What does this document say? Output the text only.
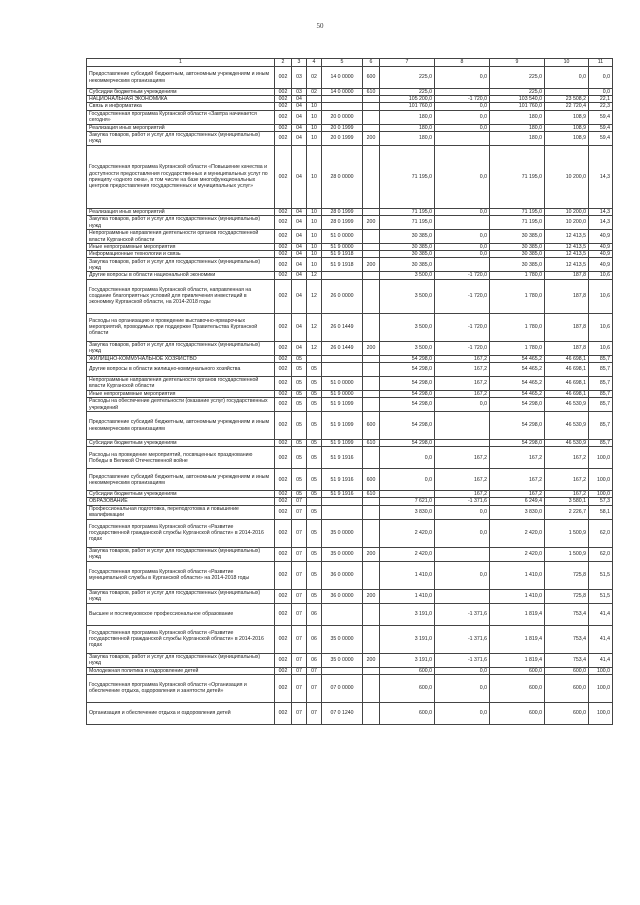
50
1	2	3	4	5	6	7	8	9	10	11
Предоставление субсидий бюджетным, автономным учреждениям и иным некоммерческим организациям	002	03	02	14 0 0000	600	225,0	0,0	225,0	0,0	0,0
Субсидии бюджетным учреждениям	002	03	02	14 0 0000	610	225,0		225,0		0,0
НАЦИОНАЛЬНАЯ ЭКОНОМИКА	002	04				105 200,0	-1 720,0	103 540,0	23 508,2	22,1
Связь и информатика	002	04	10			101 760,0	0,0	101 760,0	22 720,4	22,3
Государственная программа Курганской области «Завтра начинается сегодня»	002	04	10	20 0 0000		180,0	0,0	180,0	108,9	59,4
Реализация иных мероприятий	002	04	10	20 0 1999		180,0	0,0	180,0	108,9	59,4
Закупка товаров, работ и услуг для государственных (муниципальных) нужд	002	04	10	20 0 1999	200	180,0		180,0	108,9	59,4
Государственная программа Курганской области «Повышение качества и доступности предоставления государственных и муниципальных услуг по принципу «одного окна», в том числе на базе многофункциональных центров предоставления государственных и муниципальных услуг»	002	04	10	28 0 0000		71 195,0	0,0	71 195,0	10 200,0	14,3
Реализация иных мероприятий	002	04	10	28 0 1999		71 195,0	0,0	71 195,0	10 200,0	14,3
Закупка товаров, работ и услуг для государственных (муниципальных) нужд	002	04	10	28 0 1999	200	71 195,0		71 195,0	10 200,0	14,3
Непрограммные направления деятельности органов государственной власти Курганской области	002	04	10	51 0 0000		30 385,0	0,0	30 385,0	12 413,5	40,9
Иные непрограммные мероприятия	002	04	10	51 9 0000		30 385,0	0,0	30 385,0	12 413,5	40,9
Информационные технологии и связь	002	04	10	51 9 1918		30 385,0	0,0	30 385,0	12 413,5	40,9
Закупка товаров, работ и услуг для государственных (муниципальных) нужд	002	04	10	51 9 1918	200	30 385,0		30 385,0	12 413,5	40,9
Другие вопросы в области национальной экономики	002	04	12			3 500,0	-1 720,0	1 780,0	187,8	10,6
Государственная программа Курганской области, направленная на создание благоприятных условий для привлечения инвестиций в экономику Курганской области, на 2014-2018 годы	002	04	12	26 0 0000		3 500,0	-1 720,0	1 780,0	187,8	10,6
Расходы на организацию и проведение выставочно-ярмарочных мероприятий, проводимых при поддержке Правительства Курганской области	002	04	12	26 0 1449		3 500,0	-1 720,0	1 780,0	187,8	10,6
Закупка товаров, работ и услуг для государственных (муниципальных) нужд	002	04	12	26 0 1449	200	3 500,0	-1 720,0	1 780,0	187,8	10,6
ЖИЛИЩНО-КОММУНАЛЬНОЕ ХОЗЯЙСТВО	002	05				54 298,0	167,2	54 465,2	46 698,1	85,7
Другие вопросы в области жилищно-коммунального хозяйства	002	05	05			54 298,0	167,2	54 465,2	46 698,1	85,7
Непрограммные направления деятельности органов государственной власти Курганской области	002	05	05	51 0 0000		54 298,0	167,2	54 465,2	46 698,1	85,7
Иные непрограммные мероприятия	002	05	05	51 9 0000		54 298,0	167,2	54 465,2	46 698,1	85,7
Расходы на обеспечение деятельности (оказание услуг) государственных учреждений	002	05	05	51 9 1099		54 298,0	0,0	54 298,0	46 530,9	85,7
Предоставление субсидий бюджетным, автономным учреждениям и иным некоммерческим организациям	002	05	05	51 9 1099	600	54 298,0		54 298,0	46 530,9	85,7
Субсидии бюджетным учреждениям	002	05	05	51 9 1099	610	54 298,0		54 298,0	46 530,9	85,7
Расходы на проведение мероприятий, посвященных празднованию Победы в Великой Отечественной войне	002	05	05	51 9 1916		0,0	167,2	167,2	167,2	100,0
Предоставление субсидий бюджетным, автономным учреждениям и иным некоммерческим организациям	002	05	05	51 9 1916	600	0,0	167,2	167,2	167,2	100,0
Субсидии бюджетным учреждениям	002	05	05	51 9 1916	610		167,2	167,2	167,2	100,0
ОБРАЗОВАНИЕ	002	07				7 621,0	-1 371,6	6 249,4	3 580,1	57,3
Профессиональная подготовка, переподготовка и повышение квалификации	002	07	05			3 830,0	0,0	3 830,0	2 226,7	58,1
Государственная программа Курганской области «Развитие государственной гражданской службы Курганской области» в 2014-2016 годах	002	07	05	35 0 0000		2 420,0	0,0	2 420,0	1 500,9	62,0
Закупка товаров, работ и услуг для государственных (муниципальных) нужд	002	07	05	35 0 0000	200	2 420,0		2 420,0	1 500,9	62,0
Государственная программа Курганской области «Развитие муниципальной службы в Курганской области» на 2014-2018 годы	002	07	05	36 0 0000		1 410,0	0,0	1 410,0	725,8	51,5
Закупка товаров, работ и услуг для государственных (муниципальных) нужд	002	07	05	36 0 0000	200	1 410,0		1 410,0	725,8	51,5
Высшее и послевузовское профессиональное образование	002	07	06			3 191,0	-1 371,6	1 819,4	753,4	41,4
Государственная программа Курганской области «Развитие государственной гражданской службы Курганской области» в 2014-2016 годах	002	07	06	35 0 0000		3 191,0	-1 371,6	1 819,4	753,4	41,4
Закупка товаров, работ и услуг для государственных (муниципальных) нужд	002	07	06	35 0 0000	200	3 191,0	-1 371,6	1 819,4	753,4	41,4
Молодежная политика и оздоровление детей	002	07	07			600,0	0,0	600,0	600,0	100,0
Государственная программа Курганской области «Организация и обеспечение отдыха, оздоровления и занятости детей»	002	07	07	07 0 0000		600,0	0,0	600,0	600,0	100,0
Организация и обеспечение отдыха и оздоровления детей	002	07	07	07 0 1240		600,0	0,0	600,0	600,0	100,0
